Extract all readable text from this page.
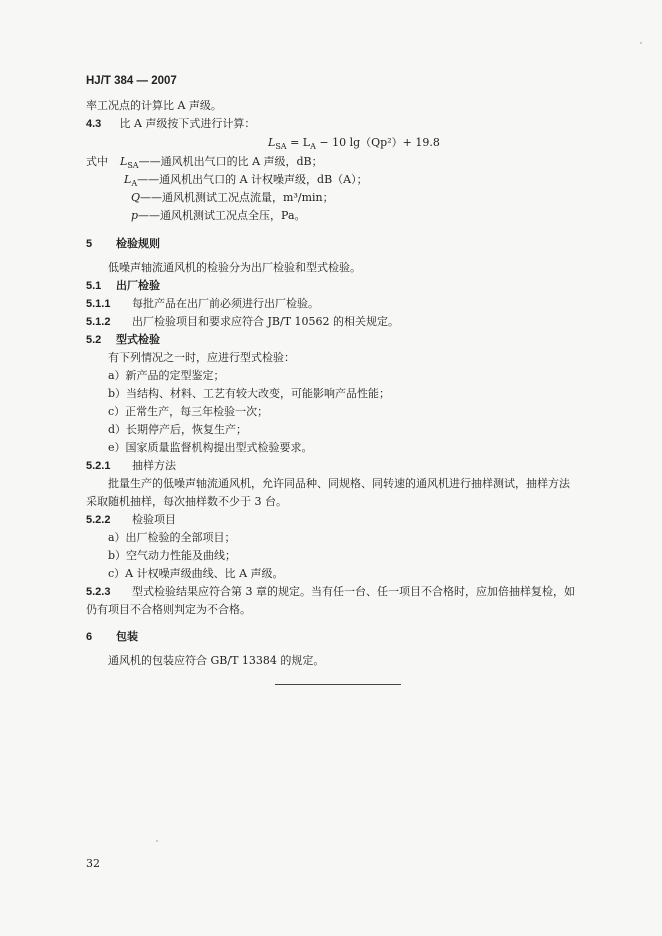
HJ/T 384 — 2007
率工况点的计算比 A 声级。
4.3 比 A 声级按下式进行计算：
$L_{SA} = L_A - 10$ lg（Qp²）+ 19.8
式中 $L_{SA}——$通风机出气口的比 A 声级，dB；
$L_A——$通风机出气口的 A 计权噪声级，dB（A）；
Q——通风机测试工况点流量，m³/min；
p——通风机测试工况点全压，Pa。
5 检验规则
低噪声轴流通风机的检验分为出厂检验和型式检验。
5.1 出厂检验
5.1.1 每批产品在出厂前必须进行出厂检验。
5.1.2 出厂检验项目和要求应符合 JB/T 10562 的相关规定。
5.2 型式检验
有下列情况之一时，应进行型式检验：
a）新产品的定型鉴定；
b）当结构、材料、工艺有较大改变，可能影响产品性能；
c）正常生产，每三年检验一次；
d）长期停产后，恢复生产；
e）国家质量监督机构提出型式检验要求。
5.2.1 抽样方法
批量生产的低噪声轴流通风机，允许同品种、同规格、同转速的通风机进行抽样测试，抽样方法
采取随机抽样，每次抽样数不少于 3 台。
5.2.2 检验项目
a）出厂检验的全部项目；
b）空气动力性能及曲线；
c）A 计权噪声级曲线、比 A 声级。
5.2.3 型式检验结果应符合第 3 章的规定。当有任一台、任一项目不合格时，应加倍抽样复检，如
仍有项目不合格则判定为不合格。
6 包装
通风机的包装应符合 GB/T 13384 的规定。
32
